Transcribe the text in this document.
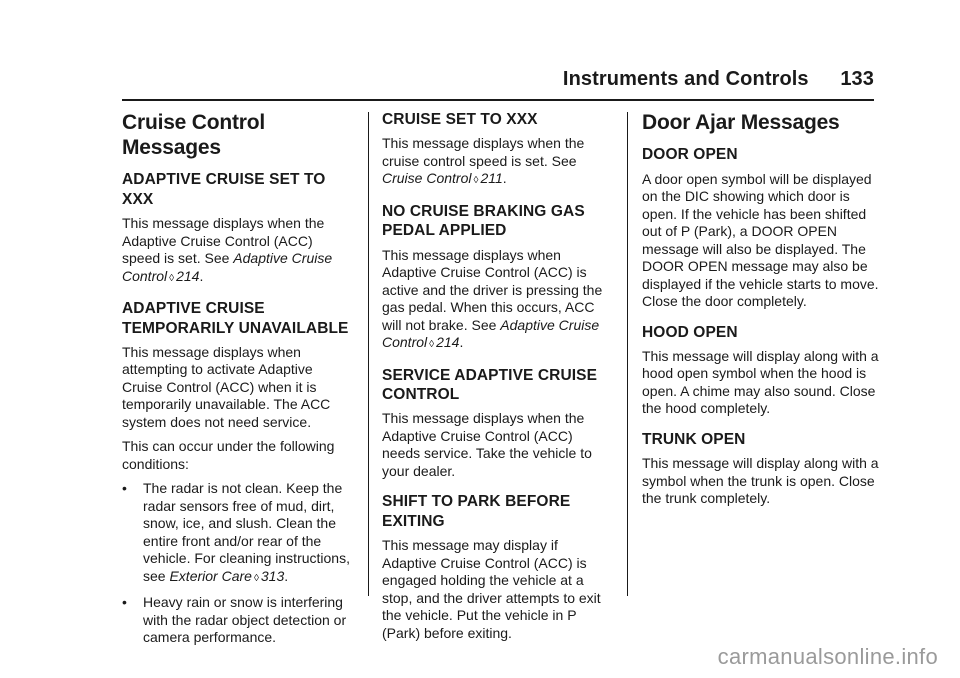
Instruments and Controls 133
Cruise Control Messages
ADAPTIVE CRUISE SET TO XXX

This message displays when the Adaptive Cruise Control (ACC) speed is set. See Adaptive Cruise Control ◊ 214.

ADAPTIVE CRUISE TEMPORARILY UNAVAILABLE

This message displays when attempting to activate Adaptive Cruise Control (ACC) when it is temporarily unavailable. The ACC system does not need service.

This can occur under the following conditions:

• The radar is not clean. Keep the radar sensors free of mud, dirt, snow, ice, and slush. Clean the entire front and/or rear of the vehicle. For cleaning instructions, see Exterior Care ◊ 313.
• Heavy rain or snow is interfering with the radar object detection or camera performance.
CRUISE SET TO XXX

This message displays when the cruise control speed is set. See Cruise Control ◊ 211.

NO CRUISE BRAKING GAS PEDAL APPLIED

This message displays when Adaptive Cruise Control (ACC) is active and the driver is pressing the gas pedal. When this occurs, ACC will not brake. See Adaptive Cruise Control ◊ 214.

SERVICE ADAPTIVE CRUISE CONTROL

This message displays when the Adaptive Cruise Control (ACC) needs service. Take the vehicle to your dealer.

SHIFT TO PARK BEFORE EXITING

This message may display if Adaptive Cruise Control (ACC) is engaged holding the vehicle at a stop, and the driver attempts to exit the vehicle. Put the vehicle in P (Park) before exiting.

Door Ajar Messages
DOOR OPEN

A door open symbol will be displayed on the DIC showing which door is open. If the vehicle has been shifted out of P (Park), a DOOR OPEN message will also be displayed. The DOOR OPEN message may also be displayed if the vehicle starts to move. Close the door completely.

HOOD OPEN

This message will display along with a hood open symbol when the hood is open. A chime may also sound. Close the hood completely.

TRUNK OPEN

This message will display along with a symbol when the trunk is open. Close the trunk completely.

carmanualsonline.info
